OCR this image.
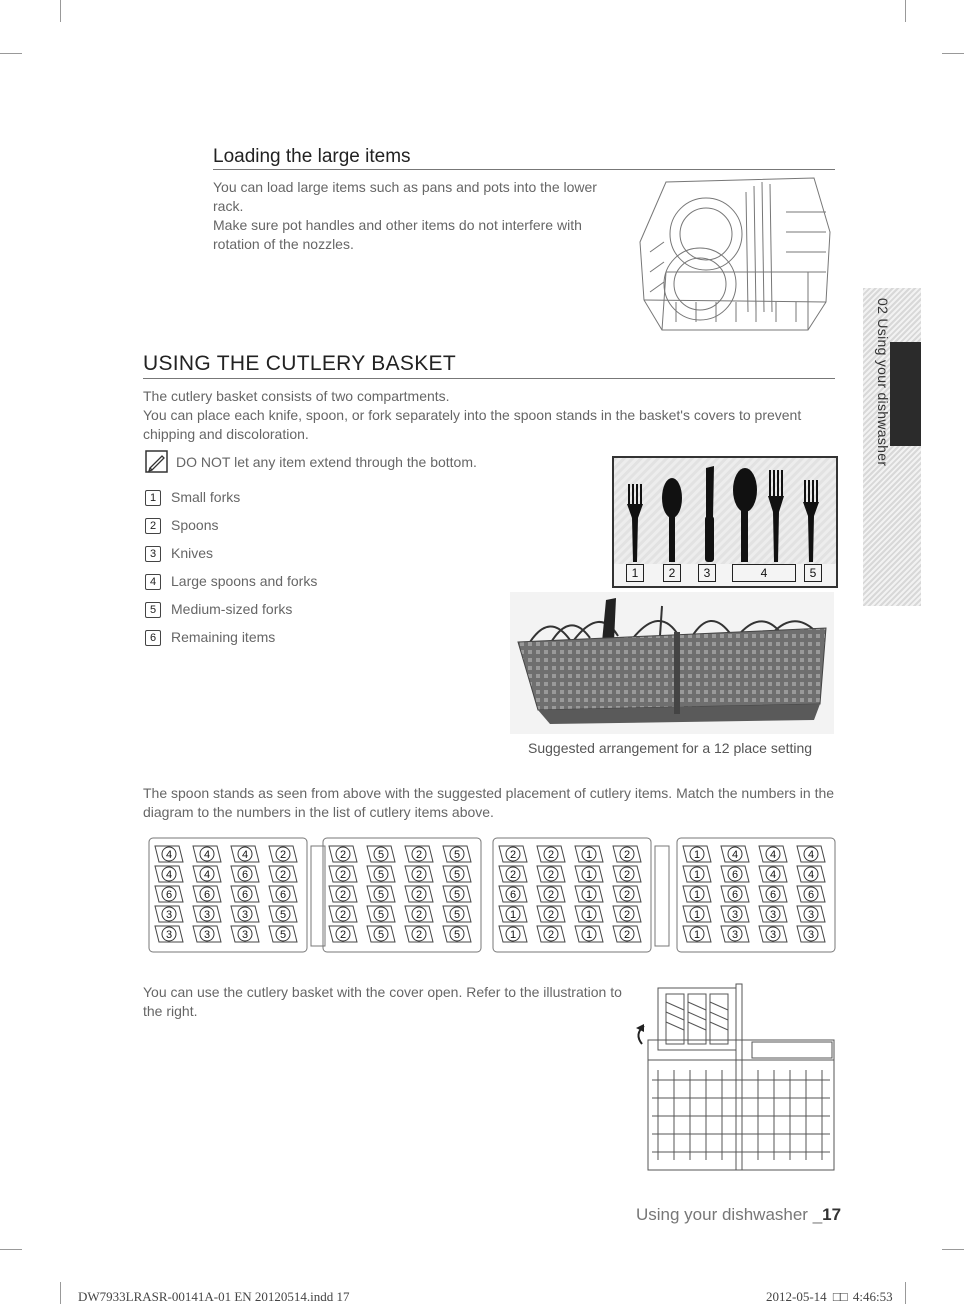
Loading the large items
You can load large items such as pans and pots into the lower rack.
Make sure pot handles and other items do not interfere with rotation of the nozzles.
02 Using your dishwasher
USING THE CUTLERY BASKET
The cutlery basket consists of two compartments.
You can place each knife, spoon, or fork separately into the spoon stands in the basket's covers to prevent chipping and discoloration.
DO NOT let any item extend through the bottom.
1 Small forks
2 Spoons
3 Knives
4 Large spoons and forks
5 Medium-sized forks
6 Remaining items
1	2	3	4	5
Suggested arrangement for a 12 place setting
The spoon stands as seen from above with the suggested placement of cutlery items. Match the numbers in the diagram to the numbers in the list of cutlery items above.
4	4	4	2
4	4	6	2
6	6	6	6
3	3	3	5
3	3	3	5
2	5	2	5
2	5	2	5
2	5	2	5
2	5	2	5
2	5	2	5
2	2	1	2
2	2	1	2
6	2	1	2
1	2	1	2
1	2	1	2
1	4	4	4
1	6	4	4
1	6	6	6
1	3	3	3
1	3	3	3
You can use the cutlery basket with the cover open. Refer to the illustration to the right.
Using your dishwasher _17
DW7933LRASR-00141A-01 EN 20120514.indd 17	2012-05-14 □□ 4:46:53
